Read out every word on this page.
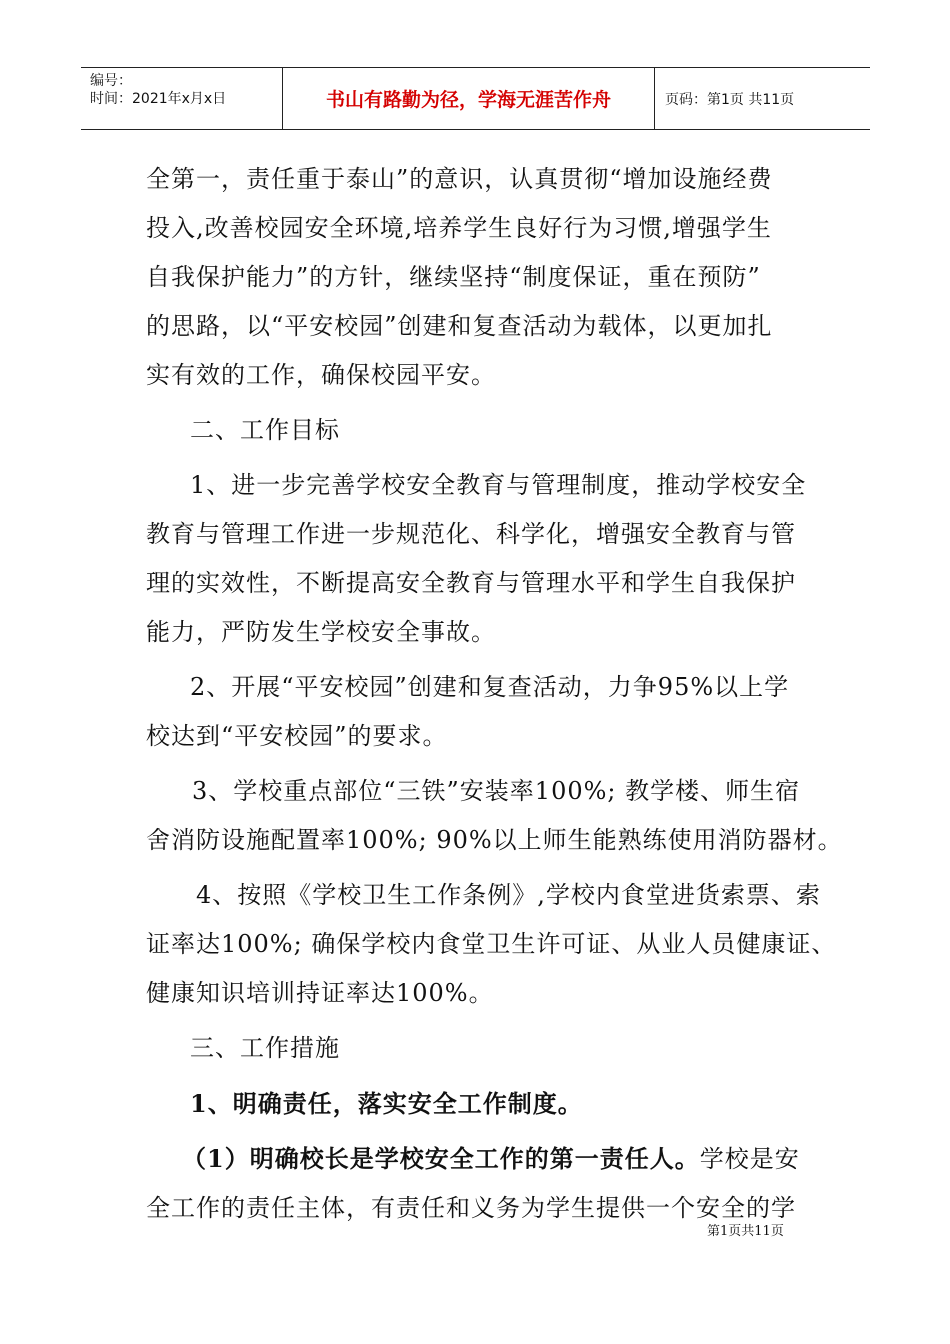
编号：
时间：2021年x月x日	书山有路勤为径，学海无涯苦作舟	页码：第1页 共11页

全第一，责任重于泰山”的意识，认真贯彻“增加设施经费

投入,改善校园安全环境,培养学生良好行为习惯,增强学生

自我保护能力”的方针，继续坚持“制度保证，重在预防”

的思路，以“平安校园”创建和复查活动为载体，以更加扎

实有效的工作，确保校园平安。

二、工作目标

1、进一步完善学校安全教育与管理制度，推动学校安全

教育与管理工作进一步规范化、科学化，增强安全教育与管

理的实效性，不断提高安全教育与管理水平和学生自我保护

能力，严防发生学校安全事故。

2、开展“平安校园”创建和复查活动，力争95%以上学

校达到“平安校园”的要求。

3、学校重点部位“三铁”安装率100%; 教学楼、师生宿

舍消防设施配置率100%; 90%以上师生能熟练使用消防器材。

4、按照《学校卫生工作条例》,学校内食堂进货索票、索

证率达100%; 确保学校内食堂卫生许可证、从业人员健康证、

健康知识培训持证率达100%。

三、工作措施

1、明确责任，落实安全工作制度。

（1）明确校长是学校安全工作的第一责任人。学校是安

全工作的责任主体，有责任和义务为学生提供一个安全的学

第1页共11页
